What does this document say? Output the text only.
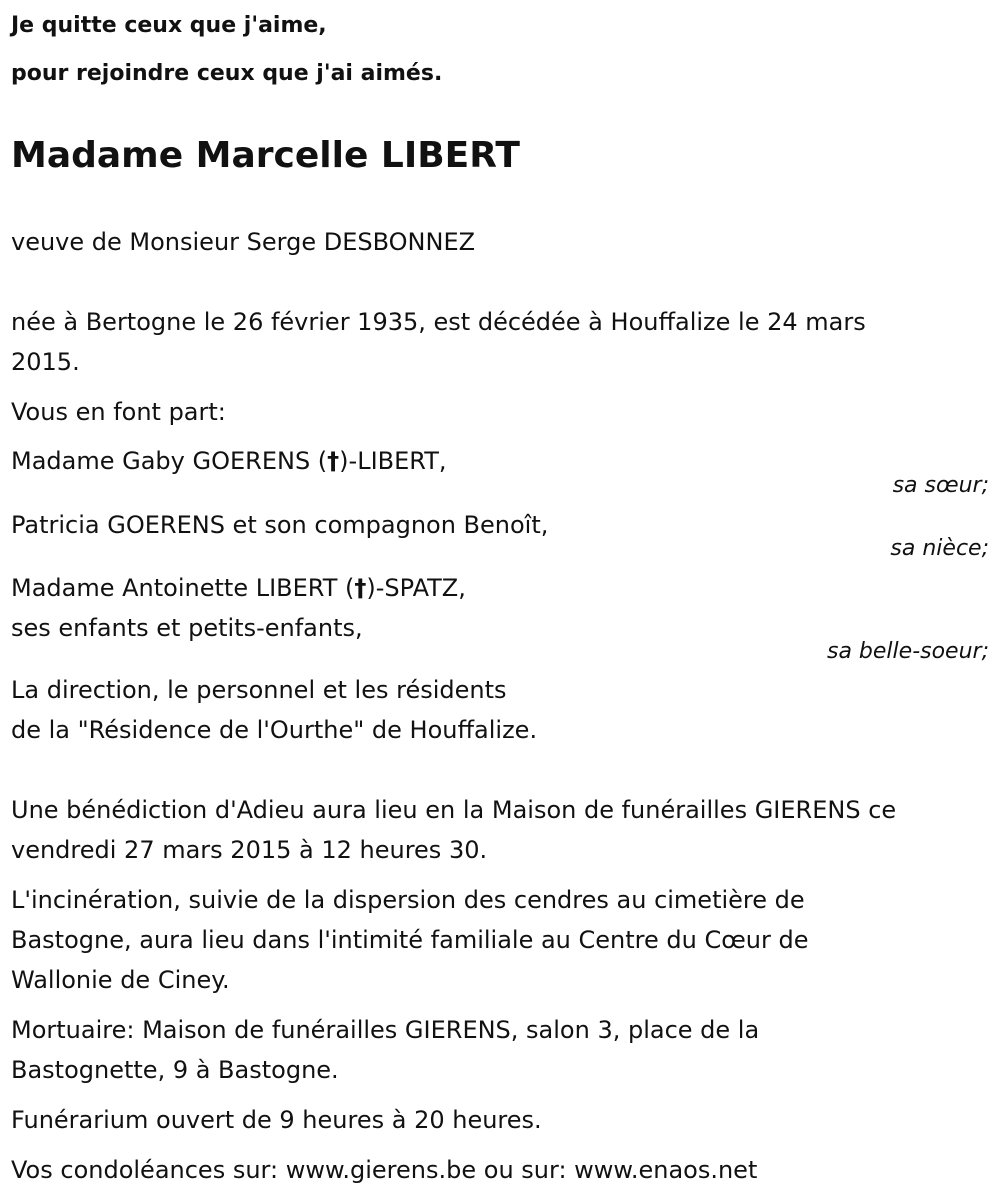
Je quitte ceux que j'aime,
pour rejoindre ceux que j'ai aimés.
Madame Marcelle LIBERT
veuve de Monsieur Serge DESBONNEZ
née à Bertogne le 26 février 1935, est décédée à Houffalize le 24 mars
2015.
Vous en font part:
Madame Gaby GOERENS (†)-LIBERT,
sa sœur;
Patricia GOERENS et son compagnon Benoît,
sa nièce;
Madame Antoinette LIBERT (†)-SPATZ,
ses enfants et petits-enfants,
sa belle-soeur;
La direction, le personnel et les résidents
de la "Résidence de l'Ourthe" de Houffalize.
Une bénédiction d'Adieu aura lieu en la Maison de funérailles GIERENS ce
vendredi 27 mars 2015 à 12 heures 30.
L'incinération, suivie de la dispersion des cendres au cimetière de
Bastogne, aura lieu dans l'intimité familiale au Centre du Cœur de
Wallonie de Ciney.
Mortuaire: Maison de funérailles GIERENS, salon 3, place de la
Bastognette, 9 à Bastogne.
Funérarium ouvert de 9 heures à 20 heures.
Vos condoléances sur: www.gierens.be ou sur: www.enaos.net
